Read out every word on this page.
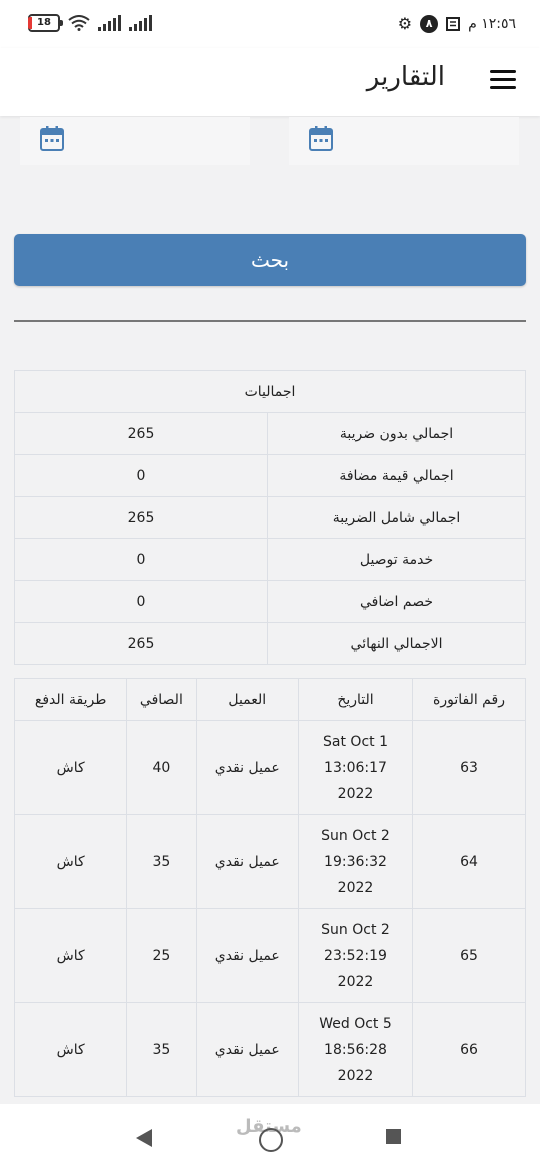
18	⚙	٨	١٢:٥٦ م
التقارير
بحث
اجماليات	
265	اجمالي بدون ضريبة
0	اجمالي قيمة مضافة
265	اجمالي شامل الضريبة
0	خدمة توصيل
0	خصم اضافي
265	الاجمالي النهائي
طريقة الدفع	الصافي	العميل	التاريخ	رقم الفاتورة
كاش	40	عميل نقدي	Sat Oct 1
13:06:17
2022	63
كاش	35	عميل نقدي	Sun Oct 2
19:36:32
2022	64
كاش	25	عميل نقدي	Sun Oct 2
23:52:19
2022	65
كاش	35	عميل نقدي	Wed Oct 5
18:56:28
2022	66
مستقل
